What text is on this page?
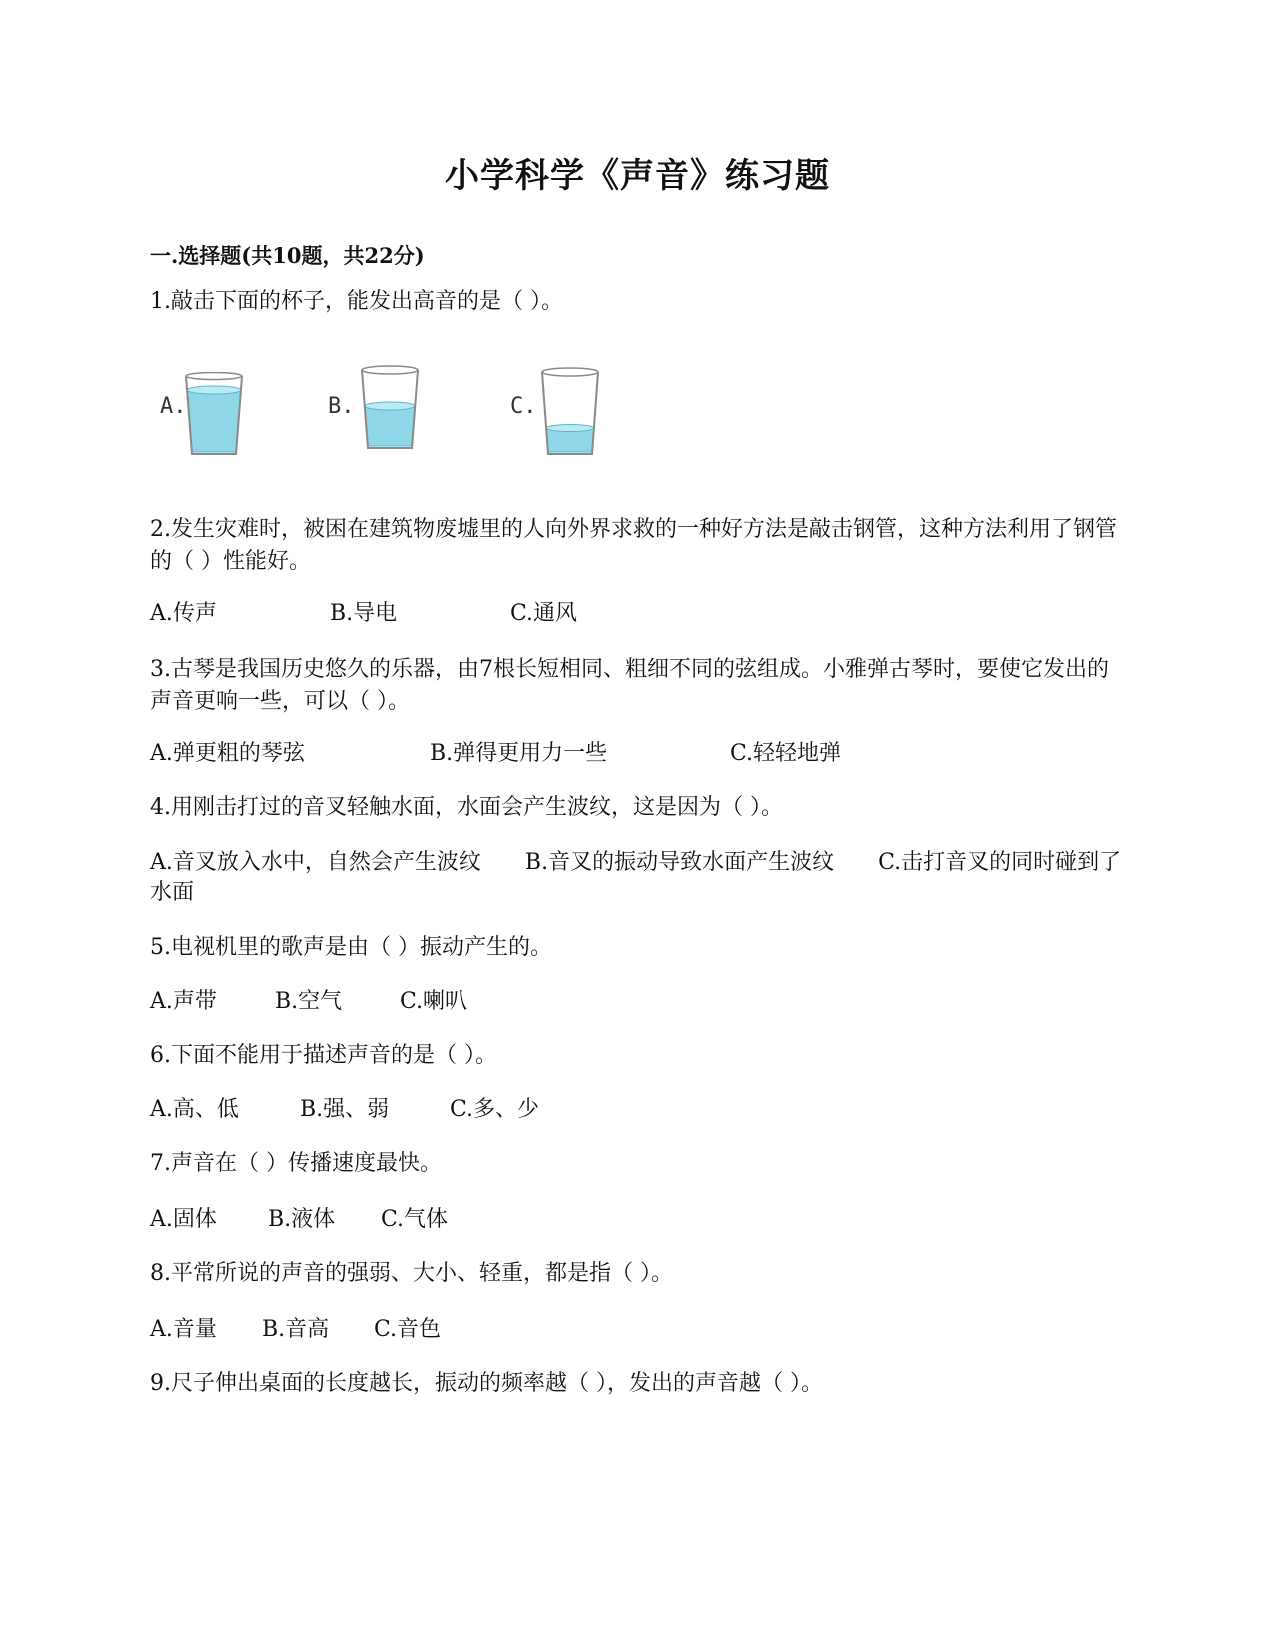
小学科学《声音》练习题
一.选择题(共10题，共22分)
1.敲击下面的杯子，能发出高音的是（ ）。
A.	B.	C.
2.发生灾难时，被困在建筑物废墟里的人向外界求救的一种好方法是敲击钢管，这种方法利用了钢管的（ ）性能好。
A.传声	B.导电	C.通风
3.古琴是我国历史悠久的乐器，由7根长短相同、粗细不同的弦组成。小雅弹古琴时，要使它发出的声音更响一些，可以（ ）。
A.弹更粗的琴弦	B.弹得更用力一些	C.轻轻地弹
4.用刚击打过的音叉轻触水面，水面会产生波纹，这是因为（ ）。
A.音叉放入水中，自然会产生波纹　　 B.音叉的振动导致水面产生波纹　　 C.击打音叉的同时碰到了水面
5.电视机里的歌声是由（ ）振动产生的。
A.声带	B.空气	C.喇叭
6.下面不能用于描述声音的是（ ）。
A.高、低	B.强、弱	C.多、少
7.声音在（ ）传播速度最快。
A.固体 B.液体 C.气体
8.平常所说的声音的强弱、大小、轻重，都是指（ ）。
A.音量 B.音高 C.音色
9.尺子伸出桌面的长度越长，振动的频率越（ ），发出的声音越（ ）。
